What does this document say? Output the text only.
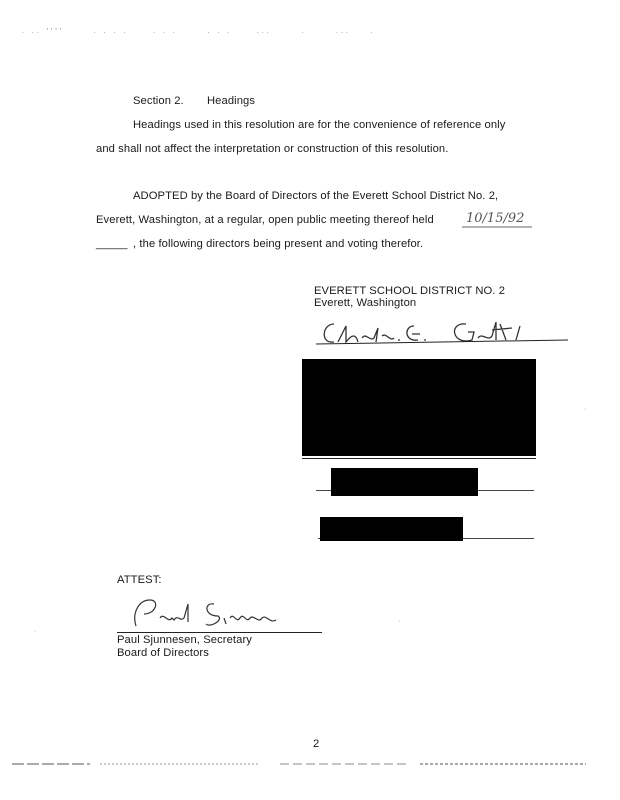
. .. ''''      . . . .     . . .      . . .     ...      .      ...    .
Section 2. Headings
Headings used in this resolution are for the convenience of reference only
and shall not affect the interpretation or construction of this resolution.
ADOPTED by the Board of Directors of the Everett School District No. 2,
Everett, Washington, at a regular, open public meeting thereof held 10/15/92
_____ , the following directors being present and voting therefor.
EVERETT SCHOOL DISTRICT NO. 2
Everett, Washington
ATTEST:
Paul Sjunnesen, Secretary
Board of Directors
2
·
·
·
